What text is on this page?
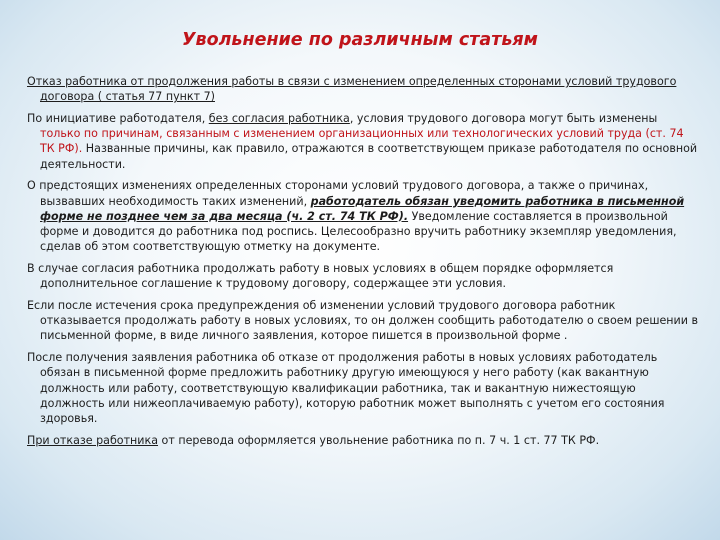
Увольнение по различным статьям

Отказ работника от продолжения работы в связи с изменением определенных сторонами условий трудового договора ( статья 77 пункт 7)

По инициативе работодателя, без согласия работника, условия трудового договора могут быть изменены только по причинам, связанным с изменением организационных или технологических условий труда (ст. 74 ТК РФ). Названные причины, как правило, отражаются в соответствующем приказе работодателя по основной деятельности.

О предстоящих изменениях определенных сторонами условий трудового договора, а также о причинах, вызвавших необходимость таких изменений, работодатель обязан уведомить работника в письменной форме не позднее чем за два месяца (ч. 2 ст. 74 ТК РФ). Уведомление составляется в произвольной форме и доводится до работника под роспись. Целесообразно вручить работнику экземпляр уведомления, сделав об этом соответствующую отметку на документе.

В случае согласия работника продолжать работу в новых условиях в общем порядке оформляется дополнительное соглашение к трудовому договору, содержащее эти условия.

Если после истечения срока предупреждения об изменении условий трудового договора работник отказывается продолжать работу в новых условиях, то он должен сообщить работодателю о своем решении в письменной форме, в виде личного заявления, которое пишется в произвольной форме .

После получения заявления работника об отказе от продолжения работы в новых условиях работодатель обязан в письменной форме предложить работнику другую имеющуюся у него работу (как вакантную должность или работу, соответствующую квалификации работника, так и вакантную нижестоящую должность или нижеоплачиваемую работу), которую работник может выполнять с учетом его состояния здоровья.

При отказе работника от перевода оформляется увольнение работника по п. 7 ч. 1 ст. 77 ТК РФ.
